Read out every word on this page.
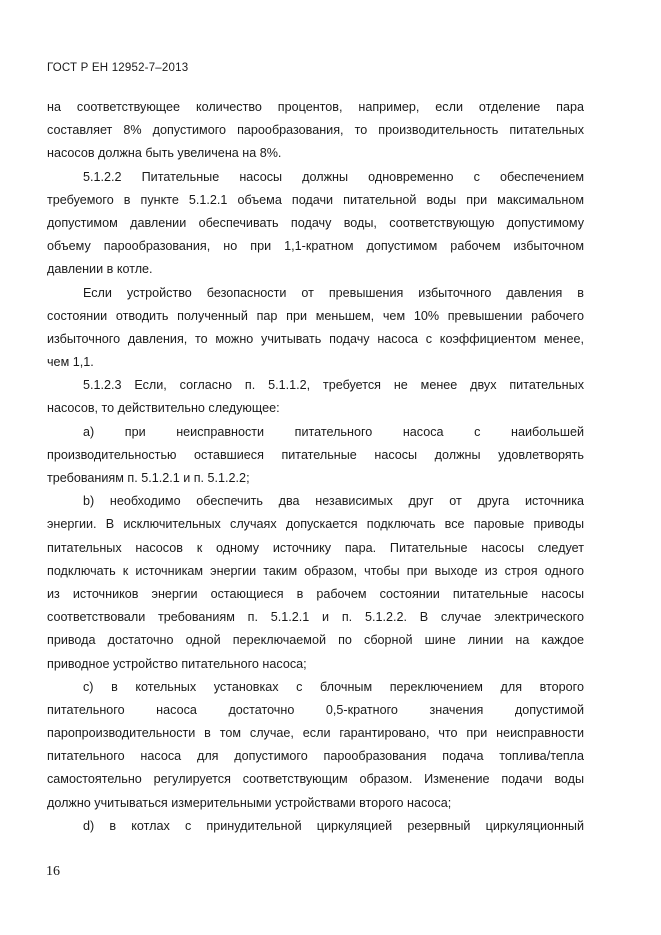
ГОСТ Р ЕН 12952-7–2013
на соответствующее количество процентов, например, если отделение пара
составляет 8% допустимого парообразования, то производительность питательных
насосов должна быть увеличена на 8%.
5.1.2.2 Питательные насосы должны одновременно с обеспечением
требуемого в пункте 5.1.2.1 объема подачи питательной воды при максимальном
допустимом давлении обеспечивать подачу воды, соответствующую допустимому
объему парообразования, но при 1,1-кратном допустимом рабочем избыточном
давлении в котле.
Если устройство безопасности от превышения избыточного давления в
состоянии отводить полученный пар при меньшем, чем 10% превышении рабочего
избыточного давления, то можно учитывать подачу насоса с коэффициентом менее,
чем 1,1.
5.1.2.3 Если, согласно п. 5.1.1.2, требуется не менее двух питательных
насосов, то действительно следующее:
a) при неисправности питательного насоса с наибольшей
производительностью оставшиеся питательные насосы должны удовлетворять
требованиям п. 5.1.2.1 и п. 5.1.2.2;
b) необходимо обеспечить два независимых друг от друга источника
энергии. В исключительных случаях допускается подключать все паровые приводы
питательных насосов к одному источнику пара. Питательные насосы следует
подключать к источникам энергии таким образом, чтобы при выходе из строя одного
из источников энергии остающиеся в рабочем состоянии питательные насосы
соответствовали требованиям п. 5.1.2.1 и п. 5.1.2.2. В случае электрического
привода достаточно одной переключаемой по сборной шине линии на каждое
приводное устройство питательного насоса;
c) в котельных установках с блочным переключением для второго
питательного насоса достаточно 0,5-кратного значения допустимой
паропроизводительности в том случае, если гарантировано, что при неисправности
питательного насоса для допустимого парообразования подача топлива/тепла
самостоятельно регулируется соответствующим образом. Изменение подачи воды
должно учитываться измерительными устройствами второго насоса;
d) в котлах с принудительной циркуляцией резервный циркуляционный
16
